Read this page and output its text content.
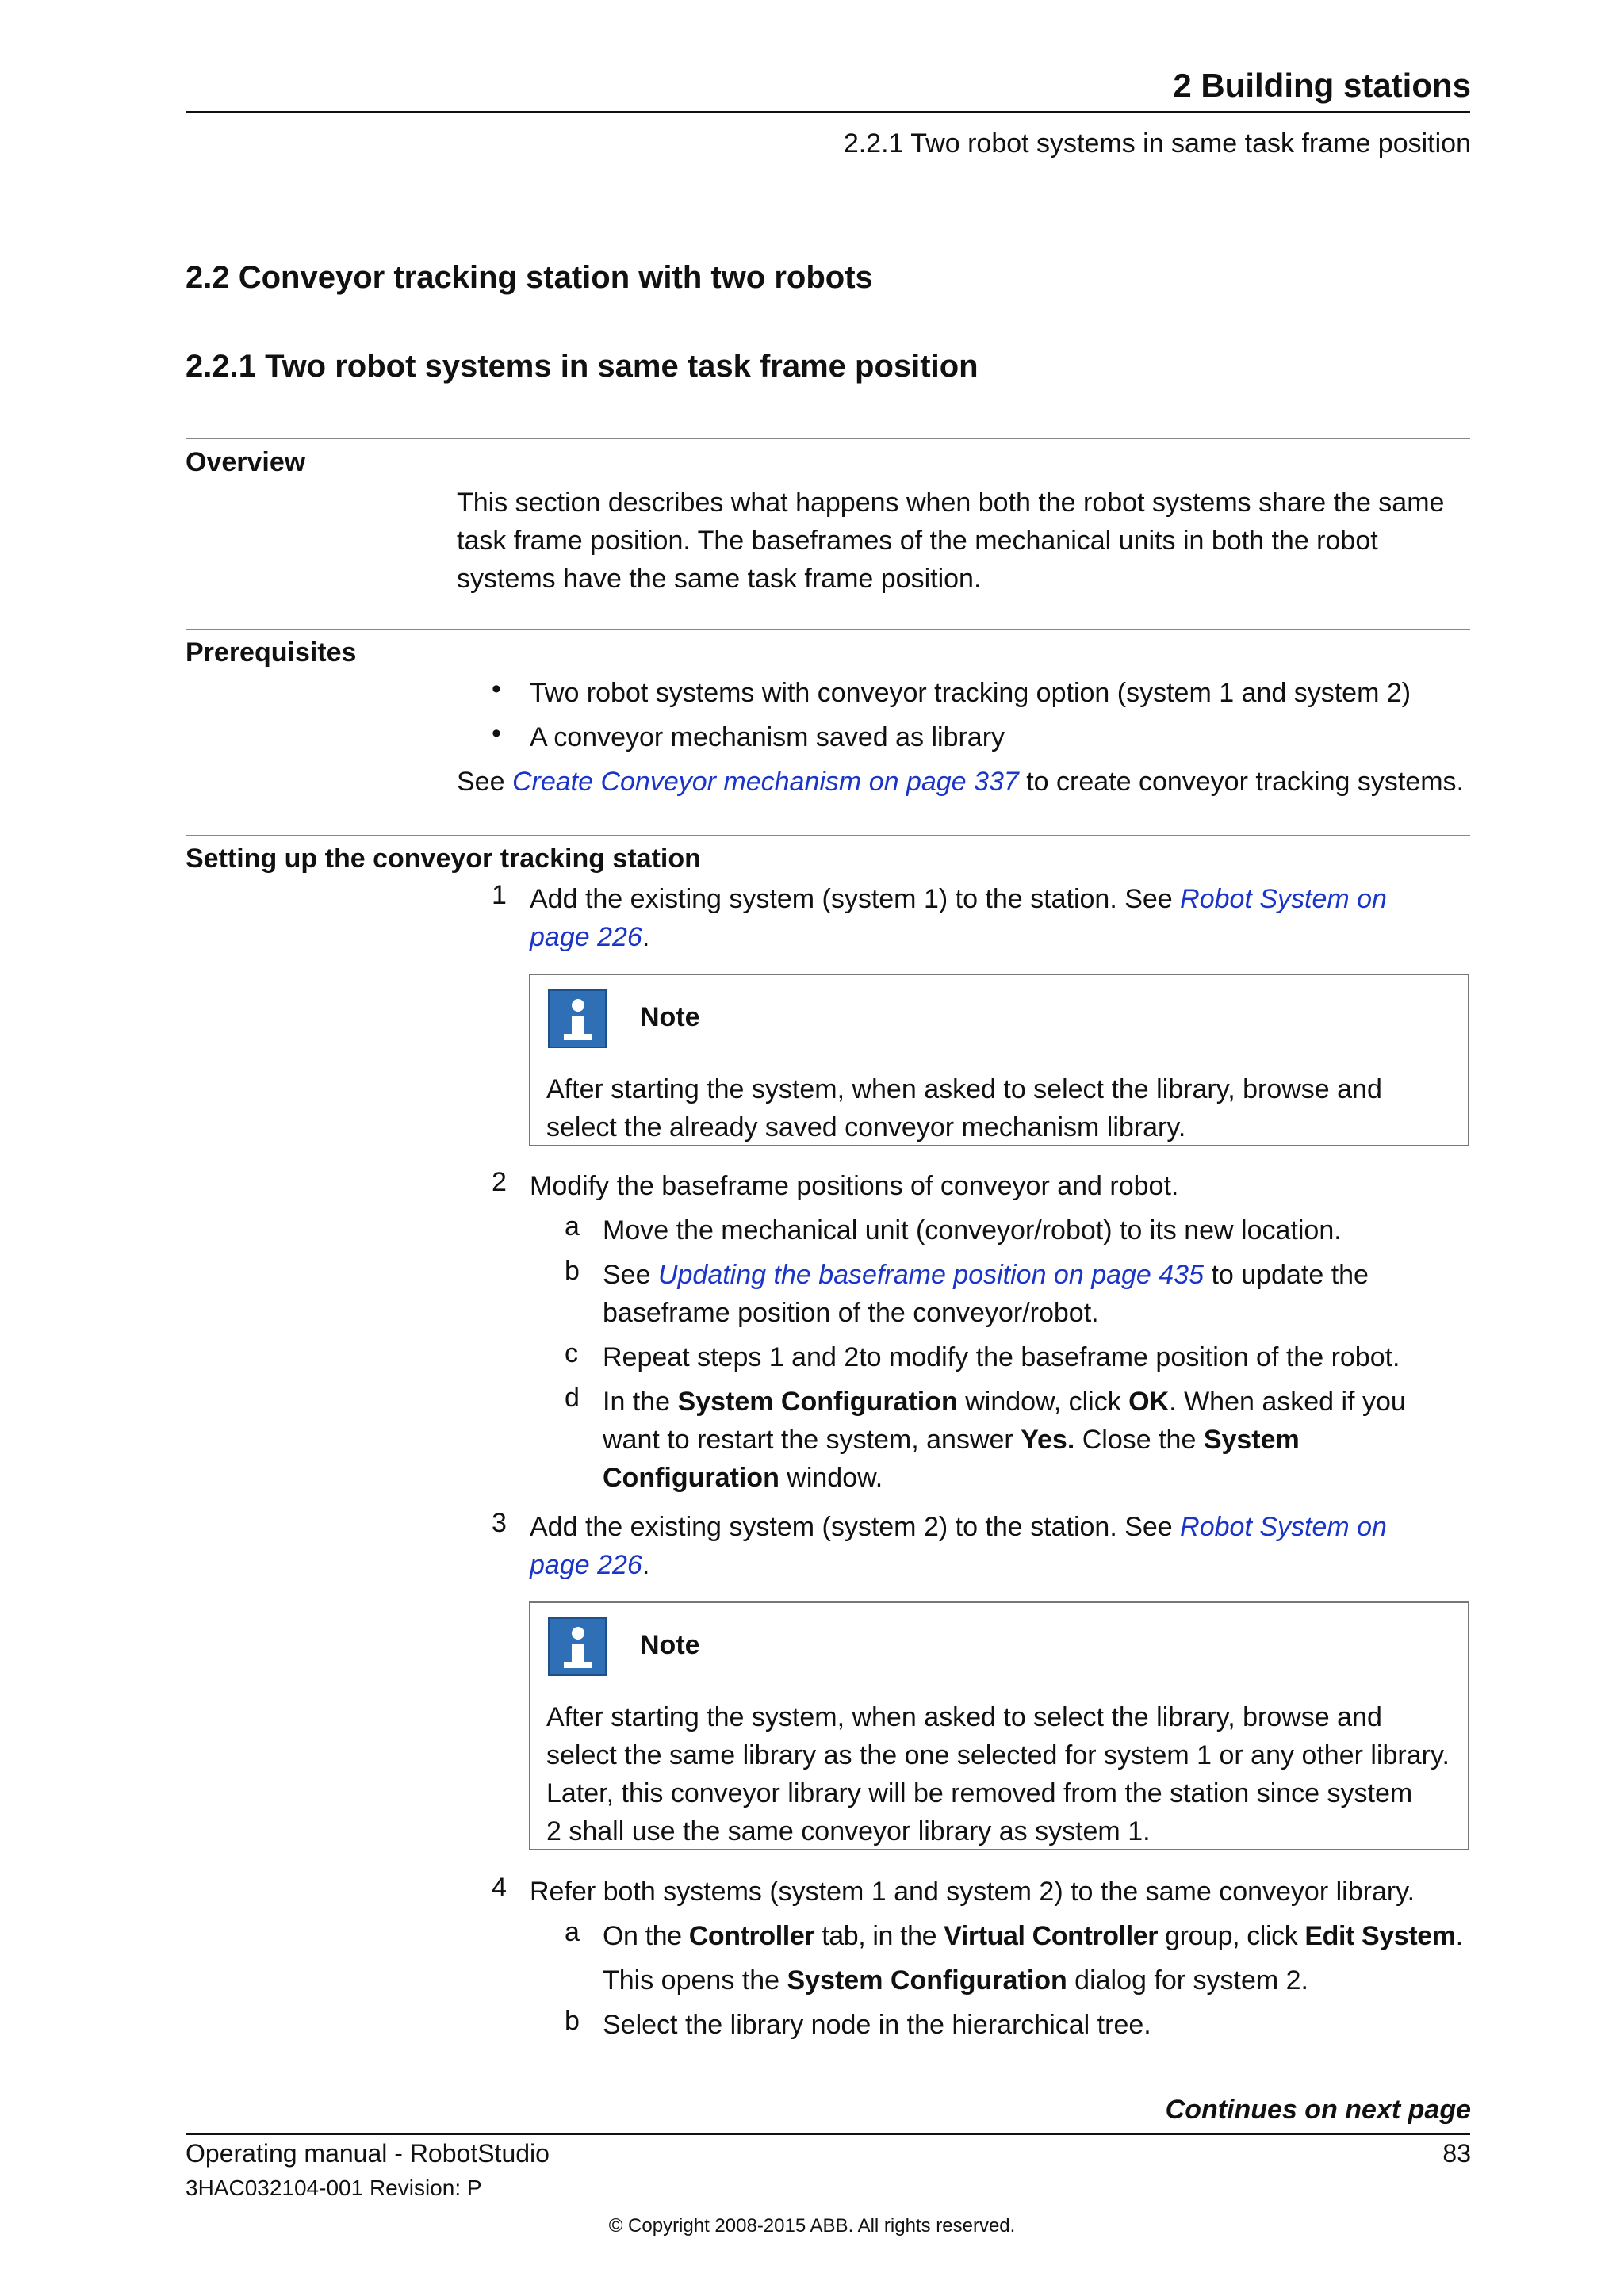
2 Building stations
2.2.1 Two robot systems in same task frame position
2.2 Conveyor tracking station with two robots
2.2.1 Two robot systems in same task frame position
Overview
This section describes what happens when both the robot systems share the same task frame position. The baseframes of the mechanical units in both the robot systems have the same task frame position.
Prerequisites
• Two robot systems with conveyor tracking option (system 1 and system 2)
• A conveyor mechanism saved as library
See Create Conveyor mechanism on page 337 to create conveyor tracking systems.
Setting up the conveyor tracking station
1 Add the existing system (system 1) to the station. See Robot System on
page 226.
Note
After starting the system, when asked to select the library, browse and
select the already saved conveyor mechanism library.
2 Modify the baseframe positions of conveyor and robot.
a Move the mechanical unit (conveyor/robot) to its new location.
b See Updating the baseframe position on page 435 to update the
baseframe position of the conveyor/robot.
c Repeat steps 1 and 2to modify the baseframe position of the robot.
d In the System Configuration window, click OK. When asked if you
want to restart the system, answer Yes. Close the System
Configuration window.
3 Add the existing system (system 2) to the station. See Robot System on
page 226.
Note
After starting the system, when asked to select the library, browse and
select the same library as the one selected for system 1 or any other library.
Later, this conveyor library will be removed from the station since system
2 shall use the same conveyor library as system 1.
4 Refer both systems (system 1 and system 2) to the same conveyor library.
a On the Controller tab, in the Virtual Controller group, click Edit System.
This opens the System Configuration dialog for system 2.
b Select the library node in the hierarchical tree.
Continues on next page
Operating manual - RobotStudio	83
3HAC032104-001 Revision: P
© Copyright 2008-2015 ABB. All rights reserved.
